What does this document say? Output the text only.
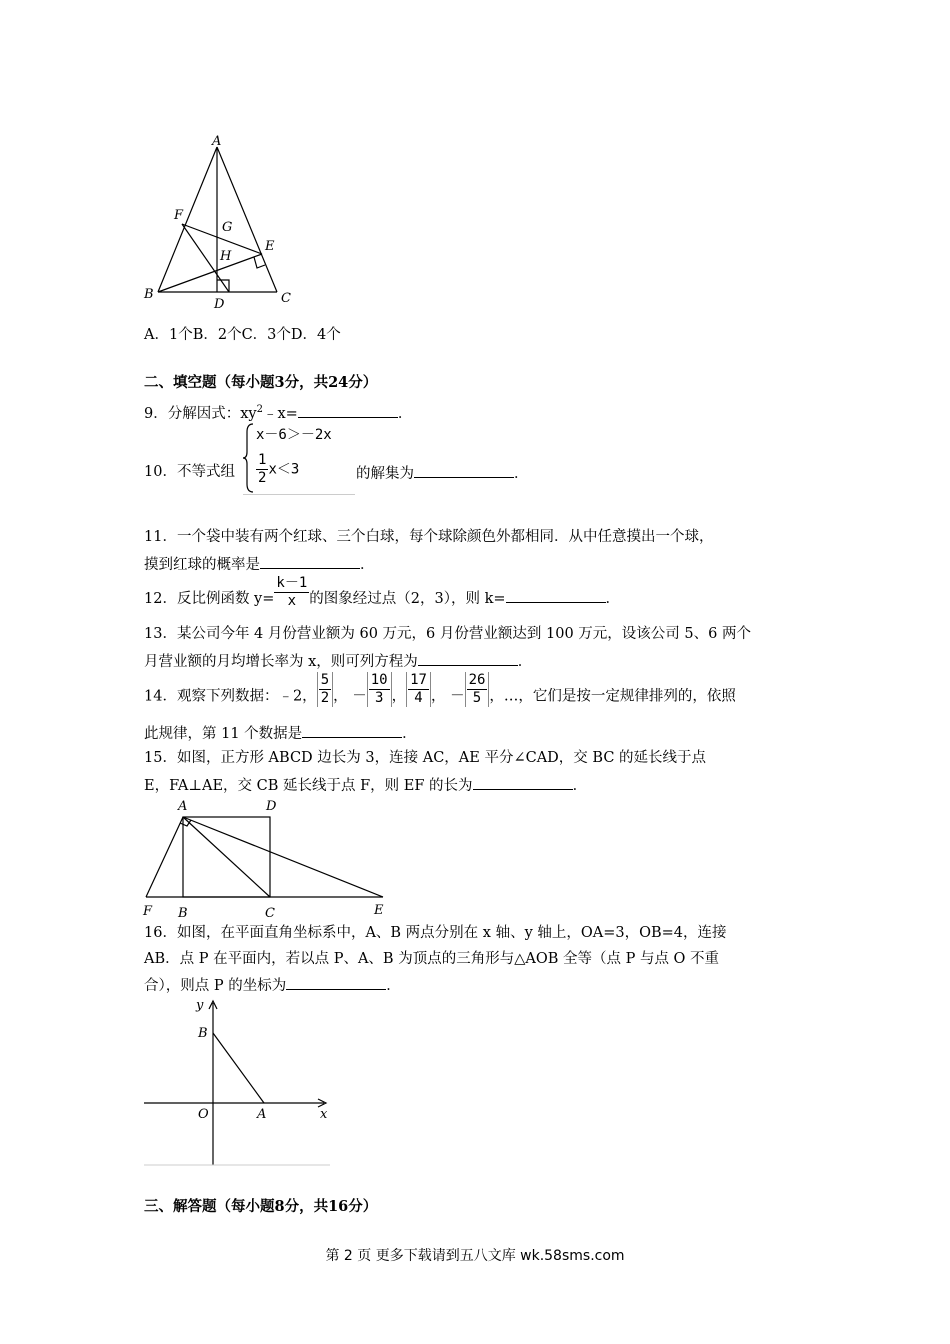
A
B	C
D
E
F
G
H
A．1个B．2个C．3个D．4个
二、填空题（每小题3分，共24分）
9．分解因式：$xy^2﹣x=$	．
10．不等式组
x－6＞－2x
$\frac{1}{2} x<3$	的解集为	．
11．一个袋中装有两个红球、三个白球，每个球除颜色外都相同．从中任意摸出一个球，
摸到红球的概率是	．
12．反比例函数 $y= \frac{k-1}{x}$ 的图象经过点（2，3），则 k=	．
13．某公司今年 4 月份营业额为 60 万元，6 月份营业额达到 100 万元，设该公司 5、6 两个
月营业额的月均增长率为 x，则可列方程为	．
14．观察下列数据：﹣2， $\frac{5}{2}$ ， － $\frac{10}{3}$ ， $\frac{17}{4}$ ， － $\frac{26}{5}$ ，…，它们是按一定规律排列的，依照
此规律，第 11 个数据是	．
15．如图，正方形 ABCD 边长为 3，连接 AC，AE 平分∠CAD，交 BC 的延长线于点
E，FA⊥AE，交 CB 延长线于点 F，则 EF 的长为	．
A	D
F B	C	E
16．如图，在平面直角坐标系中，A、B 两点分别在 x 轴、y 轴上，OA=3，OB=4，连接
AB．点 P 在平面内，若以点 P、A、B 为顶点的三角形与△AOB 全等（点 P 与点 O 不重
合），则点 P 的坐标为	．
y
B
O	A	x
三、解答题（每小题8分，共16分）
第 2 页 更多下载请到五八文库 wk.58sms.com
